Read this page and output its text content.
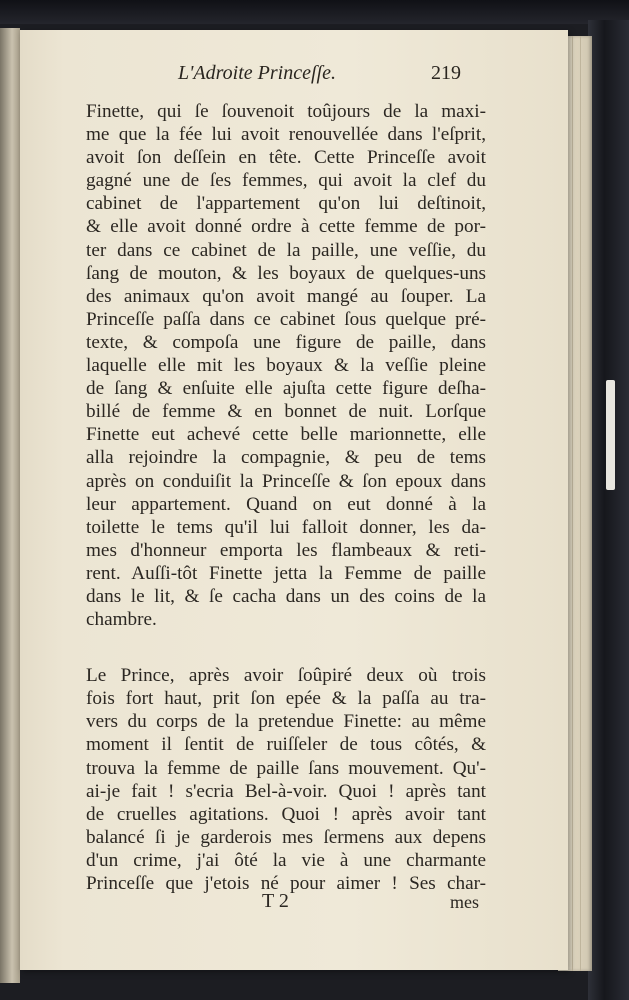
L'Adroite Princeſſe.	219
Finette, qui ſe ſouvenoit toûjours de la maxi-
me que la fée lui avoit renouvellée dans l'eſprit,
avoit ſon deſſein en tête. Cette Princeſſe avoit
gagné une de ſes femmes, qui avoit la clef du
cabinet de l'appartement qu'on lui deſtinoit,
& elle avoit donné ordre à cette femme de por-
ter dans ce cabinet de la paille, une veſſie, du
ſang de mouton, & les boyaux de quelques-uns
des animaux qu'on avoit mangé au ſouper. La
Princeſſe paſſa dans ce cabinet ſous quelque pré-
texte, & compoſa une figure de paille, dans
laquelle elle mit les boyaux & la veſſie pleine
de ſang & enſuite elle ajuſta cette figure deſha-
billé de femme & en bonnet de nuit. Lorſque
Finette eut achevé cette belle marionnette, elle
alla rejoindre la compagnie, & peu de tems
après on conduiſit la Princeſſe & ſon epoux dans
leur appartement. Quand on eut donné à la
toilette le tems qu'il lui falloit donner, les da-
mes d'honneur emporta les flambeaux & reti-
rent. Auſſi-tôt Finette jetta la Femme de paille
dans le lit, & ſe cacha dans un des coins de la
chambre.
Le Prince, après avoir ſoûpiré deux où trois
fois fort haut, prit ſon epée & la paſſa au tra-
vers du corps de la pretendue Finette: au même
moment il ſentit de ruiſſeler de tous côtés, &
trouva la femme de paille ſans mouvement. Qu'-
ai-je fait ! s'ecria Bel-à-voir. Quoi ! après tant
de cruelles agitations. Quoi ! après avoir tant
balancé ſi je garderois mes ſermens aux depens
d'un crime, j'ai ôté la vie à une charmante
Princeſſe que j'etois né pour aimer ! Ses char-
T 2	mes
